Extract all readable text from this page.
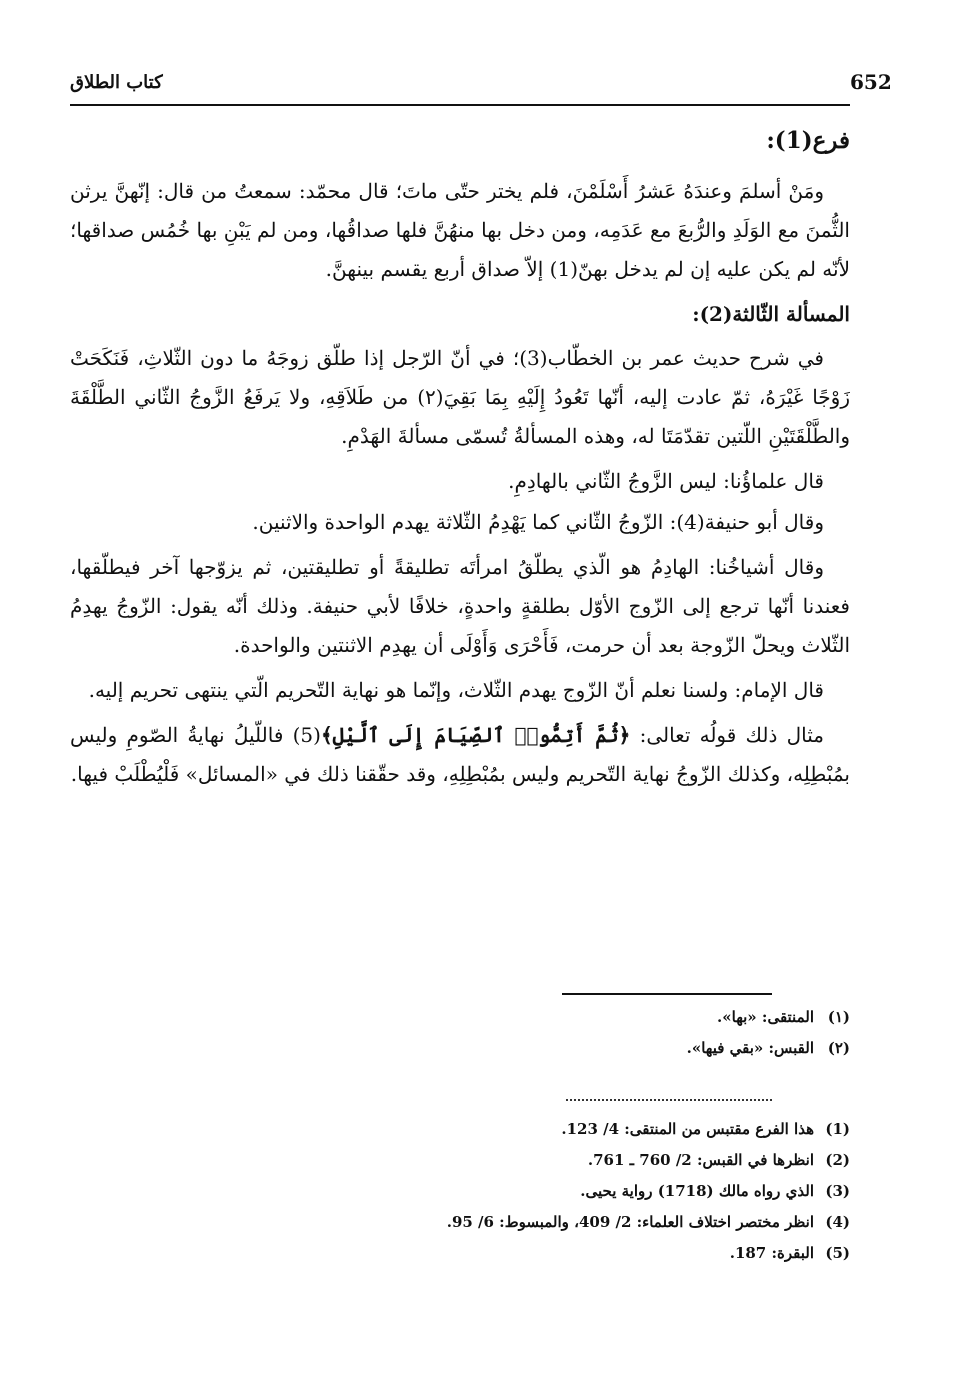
652
كتاب الطلاق
فرع(1):

ومَنْ أسلمَ وعندَهُ عَشرُ أَسْلَمْنَ، فلم يختر حتّى ماتَ؛ قال محمّد: سمعتُ من قال: إنّهنَّ يرثن الثُّمنَ مع الوَلَدِ والرُّبعَ مع عَدَمِه، ومن دخل بها منهُنَّ فلها صداقُها، ومن لم يَبْنِ بها خُمُس صداقها؛ لأنّه لم يكن عليه إن لم يدخل بهنّ(1) إلاّ صداق أربع يقسم بينهنَّ.

المسألة الثّالثة(2):

في شرح حديث عمر بن الخطّاب(3)؛ في أنّ الرّجل إذا طلّق زوجَهُ ما دون الثّلاثِ، فَنَكَحَتْ زَوْجًا غَيْرَهُ، ثمّ عادت إليه، أنّها تَعُودُ إِلَيْهِ بِمَا بَقِيَ(٢) من طَلاَقِهِ، ولا يَرفَعُ الزَّوجُ الثّاني الطَّلْقَةَ والطَّلْقَتَيْنِ اللّتين تقدّمَتَا له، وهذه المسألةُ تُسمّى مسألةَ الهَدْمِ.

قال علماؤُنا: ليس الزَّوجُ الثّاني بالهادِمِ.

وقال أبو حنيفة(4): الزّوجُ الثّاني كما يَهْدِمُ الثّلاثة يهدم الواحدة والاثنين.

وقال أشياخُنا: الهادِمُ هو الّذي يطلّقُ امرأتَه تطليقةً أو تطليقتين، ثم يزوّجها آخر فيطلّقها، فعندنا أنّها ترجع إلى الزّوج الأوّل بطلقةٍ واحدةٍ، خلافًا لأبي حنيفة. وذلك أنّه يقول: الزّوجُ يهدِمُ الثّلاث ويحلّ الزّوجة بعد أن حرمت، فَأَحْرَى وَأَوْلَى أن يهدِم الاثنتين والواحدة.

قال الإمام: ولسنا نعلم أنّ الزّوج يهدم الثّلاث، وإنّما هو نهاية التّحريم الّتي ينتهى تحريم إليه.

مثال ذلك قولُه تعالى: ﴿ثُمَّ أَتِمُّوا۟ ٱلصِّيَامَ إِلَى ٱلَّيْلِ﴾(5) فاللّيلُ نهايةُ الصّومِ وليس بمُبْطِلِه، وكذلك الزّوجُ نهاية التّحريم وليس بمُبْطِلِهِ، وقد حقّقنا ذلك في «المسائل» فَلْيُطْلَبْ فيها.

(١)
المنتقى: «بها».
(٢)
القبس: «بقي فيها».
(1)
هذا الفرع مقتبس من المنتقى: 4/ 123.
(2)
انظرها في القبس: 2/ 760 ـ 761.
(3)
الذي رواه مالك (1718) رواية يحيى.
(4)
انظر مختصر اختلاف العلماء: 2/ 409، والمبسوط: 6/ 95.
(5)
البقرة: 187.
